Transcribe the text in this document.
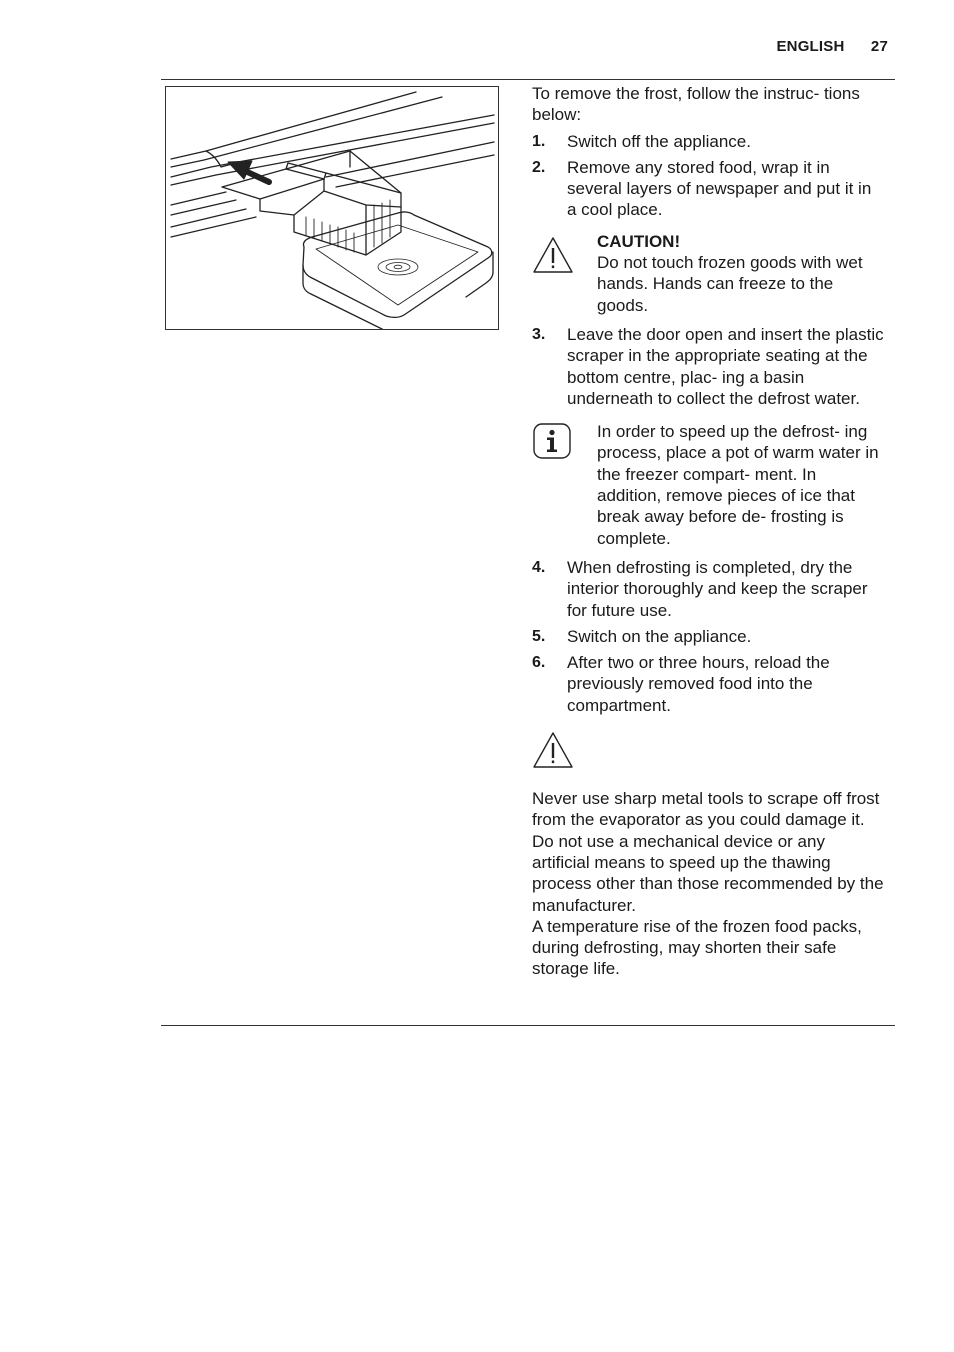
ENGLISH 27

To remove the frost, follow the instruc- tions below:

1. Switch off the appliance.
2. Remove any stored food, wrap it in several layers of newspaper and put it in a cool place.
CAUTION!
Do not touch frozen goods with wet hands. Hands can freeze to the goods.
3. Leave the door open and insert the plastic scraper in the appropriate seating at the bottom centre, plac- ing a basin underneath to collect the defrost water.
In order to speed up the defrost- ing process, place a pot of warm water in the freezer compart- ment. In addition, remove pieces of ice that break away before de- frosting is complete.
4. When defrosting is completed, dry the interior thoroughly and keep the scraper for future use.
5. Switch on the appliance.
6. After two or three hours, reload the previously removed food into the compartment.

Never use sharp metal tools to scrape off frost from the evaporator as you could damage it.

Do not use a mechanical device or any artificial means to speed up the thawing process other than those recommended by the manufacturer.

A temperature rise of the frozen food packs, during defrosting, may shorten their safe storage life.
